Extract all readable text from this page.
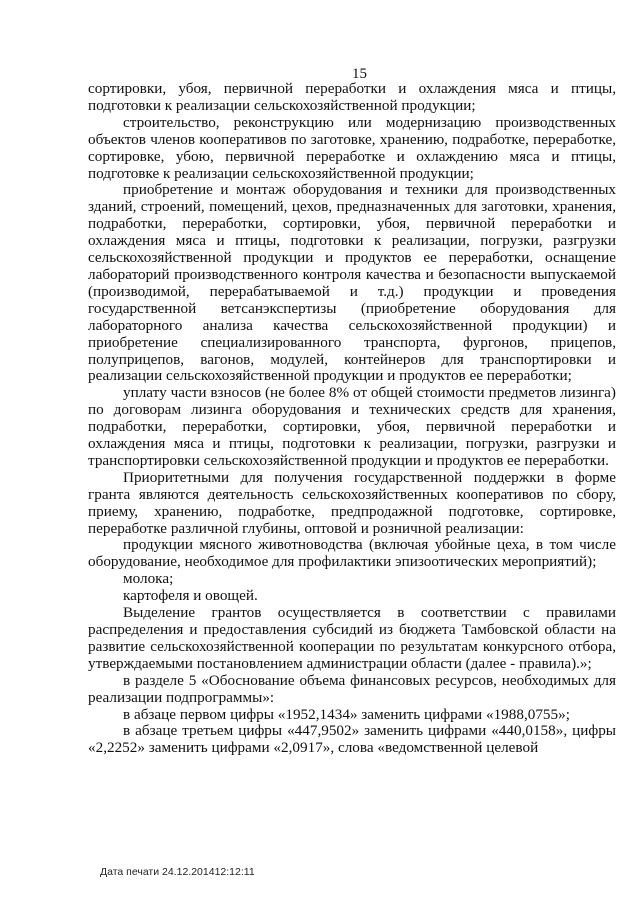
15

сортировки, убоя, первичной переработки и охлаждения мяса и птицы, подготовки к реализации сельскохозяйственной продукции;

строительство, реконструкцию или модернизацию производственных объектов членов кооперативов по заготовке, хранению, подработке, переработке, сортировке, убою, первичной переработке и охлаждению мяса и птицы, подготовке к реализации сельскохозяйственной продукции;

приобретение и монтаж оборудования и техники для производственных зданий, строений, помещений, цехов, предназначенных для заготовки, хранения, подработки, переработки, сортировки, убоя, первичной переработки и охлаждения мяса и птицы, подготовки к реализации, погрузки, разгрузки сельскохозяйственной продукции и продуктов ее переработки, оснащение лабораторий производственного контроля качества и безопасности выпускаемой (производимой, перерабатываемой и т.д.) продукции и проведения государственной ветсанэкспертизы (приобретение оборудования для лабораторного анализа качества сельскохозяйственной продукции) и приобретение специализированного транспорта, фургонов, прицепов, полуприцепов, вагонов, модулей, контейнеров для транспортировки и реализации сельскохозяйственной продукции и продуктов ее переработки;

уплату части взносов (не более 8% от общей стоимости предметов лизинга) по договорам лизинга оборудования и технических средств для хранения, подработки, переработки, сортировки, убоя, первичной переработки и охлаждения мяса и птицы, подготовки к реализации, погрузки, разгрузки и транспортировки сельскохозяйственной продукции и продуктов ее переработки.

Приоритетными для получения государственной поддержки в форме гранта являются деятельность сельскохозяйственных кооперативов по сбору, приему, хранению, подработке, предпродажной подготовке, сортировке, переработке различной глубины, оптовой и розничной реализации:

продукции мясного животноводства (включая убойные цеха, в том числе оборудование, необходимое для профилактики эпизоотических мероприятий);

молока;

картофеля и овощей.

Выделение грантов осуществляется в соответствии с правилами распределения и предоставления субсидий из бюджета Тамбовской области на развитие сельскохозяйственной кооперации по результатам конкурсного отбора, утверждаемыми постановлением администрации области (далее - правила).»;

в разделе 5 «Обоснование объема финансовых ресурсов, необходимых для реализации подпрограммы»:

в абзаце первом цифры «1952,1434» заменить цифрами «1988,0755»;

в абзаце третьем цифры «447,9502» заменить цифрами «440,0158», цифры «2,2252» заменить цифрами «2,0917», слова «ведомственной целевой

Дата печати 24.12.201412:12:11
